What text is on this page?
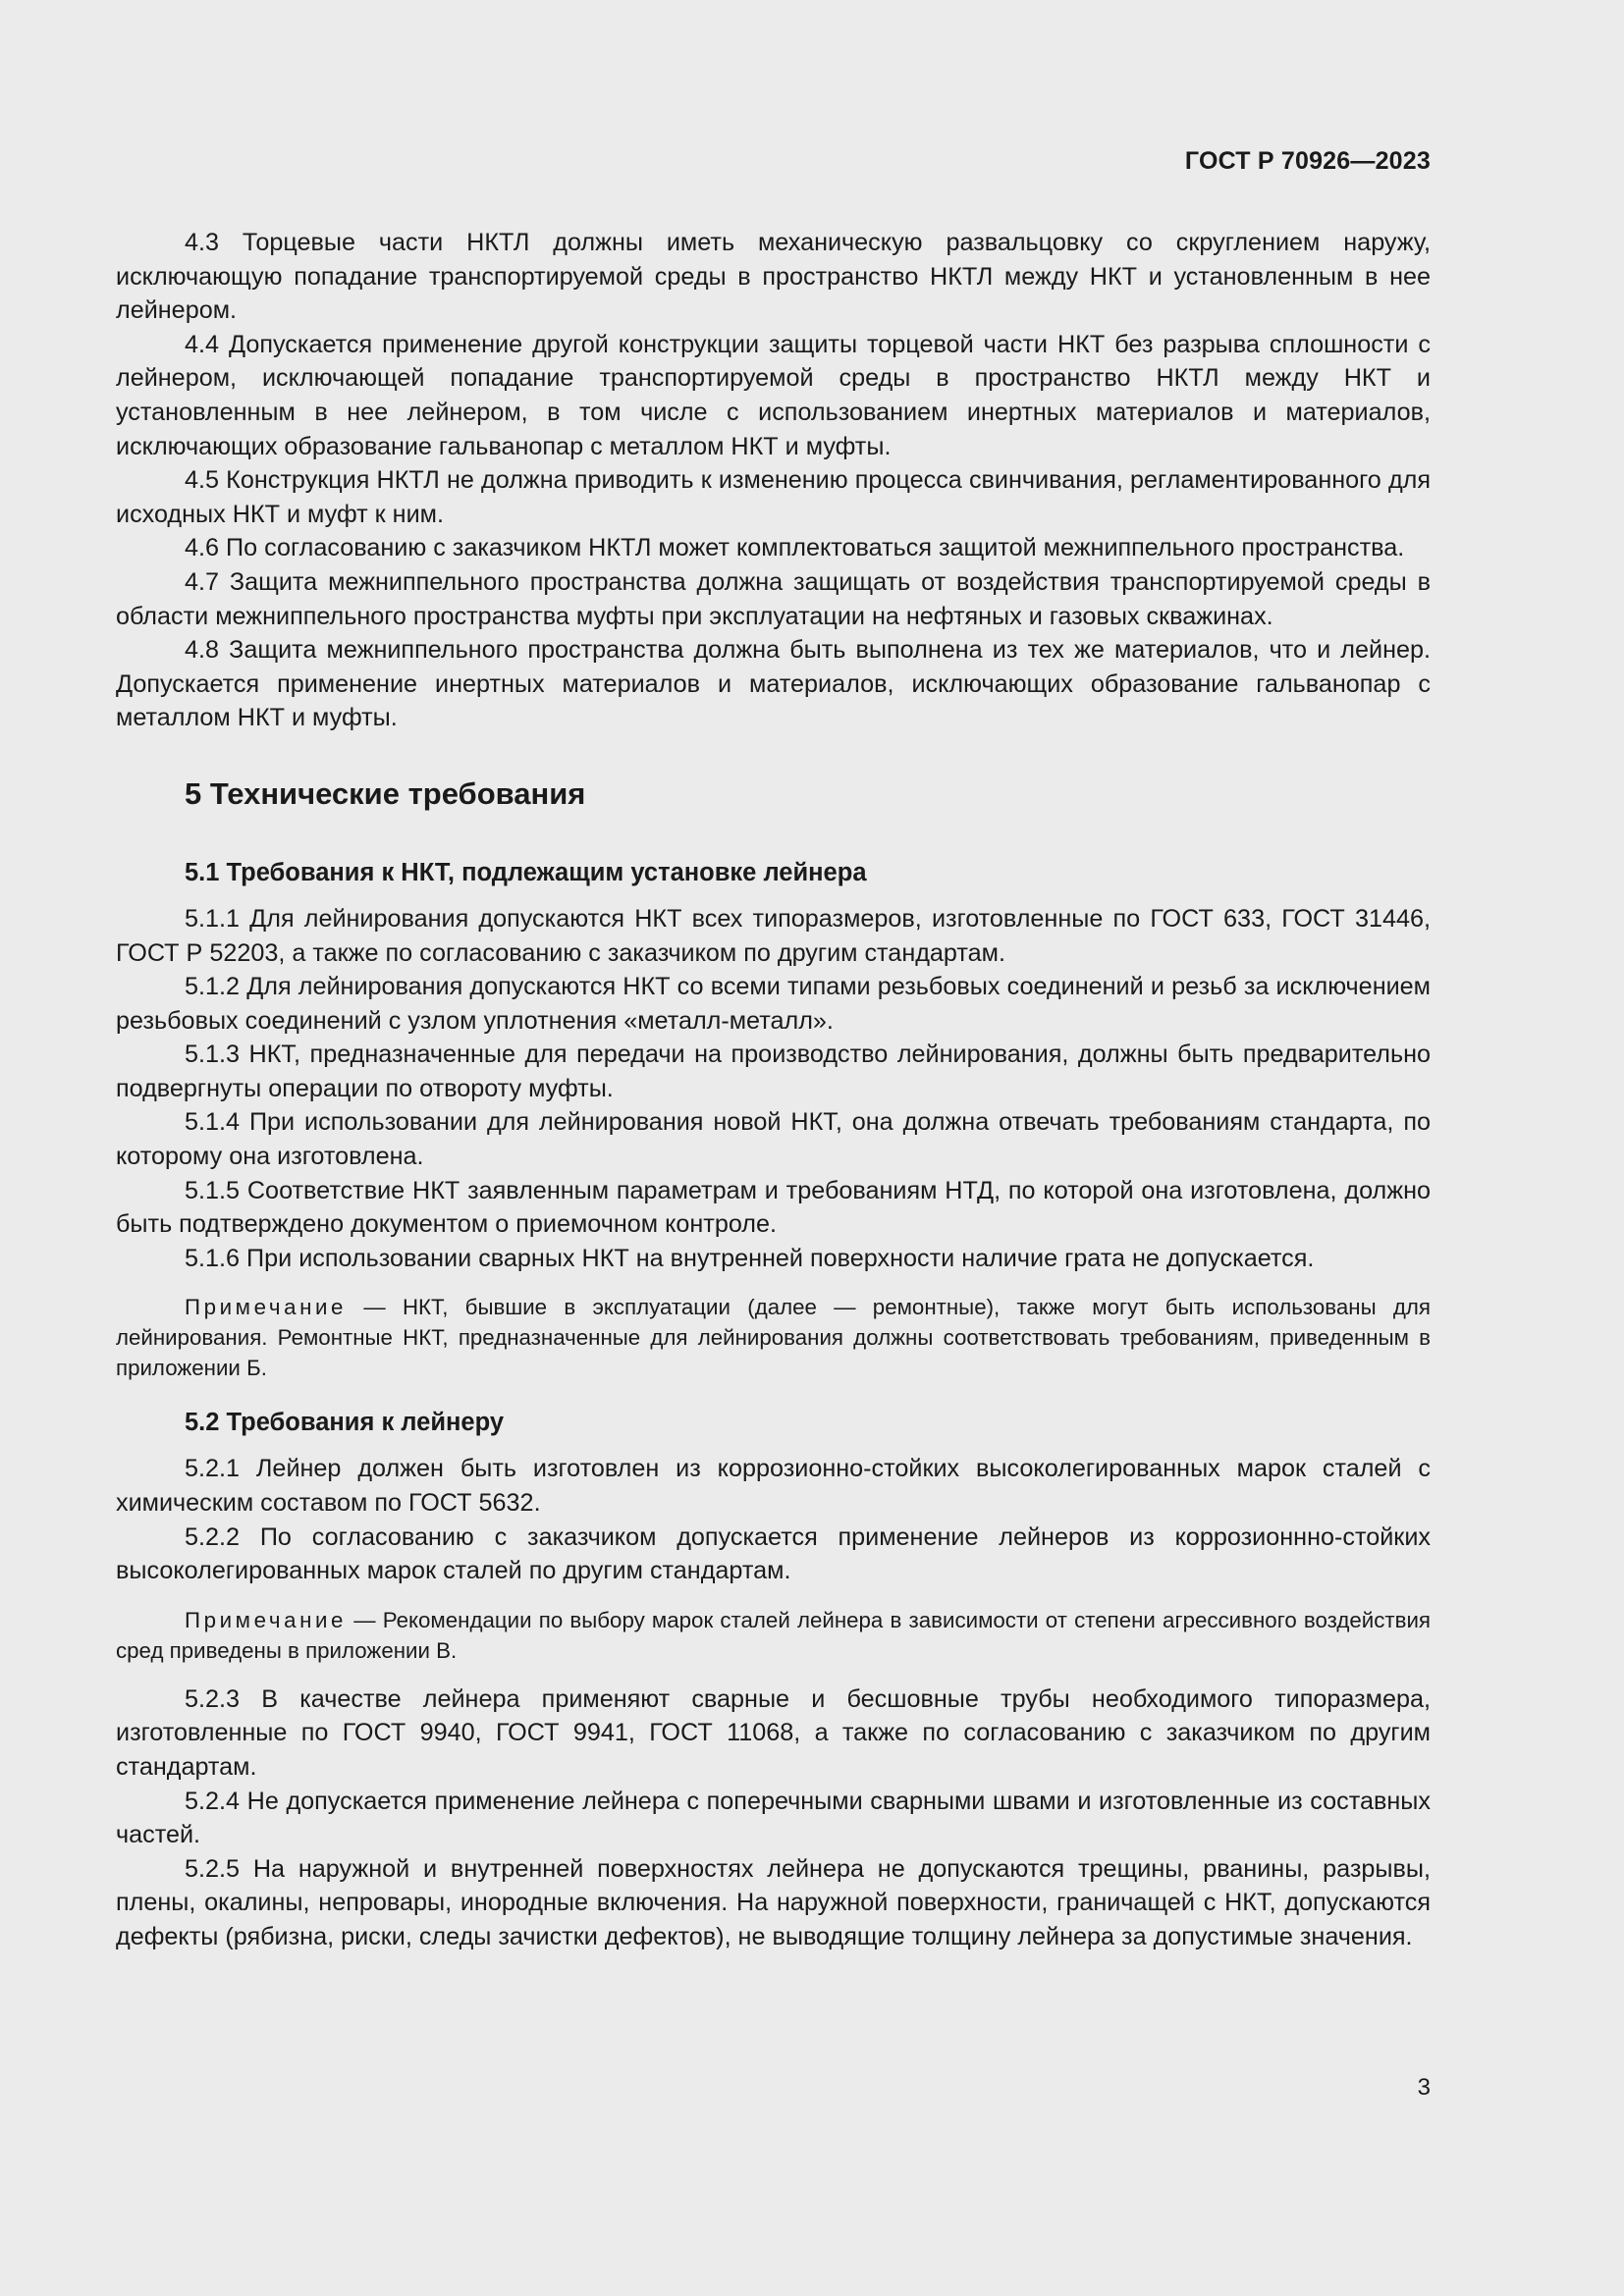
ГОСТ Р 70926—2023

4.3 Торцевые части НКТЛ должны иметь механическую развальцовку со скруглением наружу, исключающую попадание транспортируемой среды в пространство НКТЛ между НКТ и установленным в нее лейнером.

4.4 Допускается применение другой конструкции защиты торцевой части НКТ без разрыва сплошности с лейнером, исключающей попадание транспортируемой среды в пространство НКТЛ между НКТ и установленным в нее лейнером, в том числе с использованием инертных материалов и материалов, исключающих образование гальванопар с металлом НКТ и муфты.

4.5 Конструкция НКТЛ не должна приводить к изменению процесса свинчивания, регламентированного для исходных НКТ и муфт к ним.

4.6 По согласованию с заказчиком НКТЛ может комплектоваться защитой межниппельного пространства.

4.7 Защита межниппельного пространства должна защищать от воздействия транспортируемой среды в области межниппельного пространства муфты при эксплуатации на нефтяных и газовых скважинах.

4.8 Защита межниппельного пространства должна быть выполнена из тех же материалов, что и лейнер. Допускается применение инертных материалов и материалов, исключающих образование гальванопар с металлом НКТ и муфты.

5 Технические требования
5.1 Требования к НКТ, подлежащим установке лейнера

5.1.1 Для лейнирования допускаются НКТ всех типоразмеров, изготовленные по ГОСТ 633, ГОСТ 31446, ГОСТ Р 52203, а также по согласованию с заказчиком по другим стандартам.

5.1.2 Для лейнирования допускаются НКТ со всеми типами резьбовых соединений и резьб за исключением резьбовых соединений с узлом уплотнения «металл-металл».

5.1.3 НКТ, предназначенные для передачи на производство лейнирования, должны быть предварительно подвергнуты операции по отвороту муфты.

5.1.4 При использовании для лейнирования новой НКТ, она должна отвечать требованиям стандарта, по которому она изготовлена.

5.1.5 Соответствие НКТ заявленным параметрам и требованиям НТД, по которой она изготовлена, должно быть подтверждено документом о приемочном контроле.

5.1.6 При использовании сварных НКТ на внутренней поверхности наличие грата не допускается.

Примечание — НКТ, бывшие в эксплуатации (далее — ремонтные), также могут быть использованы для лейнирования. Ремонтные НКТ, предназначенные для лейнирования должны соответствовать требованиям, приведенным в приложении Б.

5.2 Требования к лейнеру

5.2.1 Лейнер должен быть изготовлен из коррозионно-стойких высоколегированных марок сталей с химическим составом по ГОСТ 5632.

5.2.2 По согласованию с заказчиком допускается применение лейнеров из коррозионнно-стойких высоколегированных марок сталей по другим стандартам.

Примечание — Рекомендации по выбору марок сталей лейнера в зависимости от степени агрессивного воздействия сред приведены в приложении В.

5.2.3 В качестве лейнера применяют сварные и бесшовные трубы необходимого типоразмера, изготовленные по ГОСТ 9940, ГОСТ 9941, ГОСТ 11068, а также по согласованию с заказчиком по другим стандартам.

5.2.4 Не допускается применение лейнера с поперечными сварными швами и изготовленные из составных частей.

5.2.5 На наружной и внутренней поверхностях лейнера не допускаются трещины, рванины, разрывы, плены, окалины, непровары, инородные включения. На наружной поверхности, граничащей с НКТ, допускаются дефекты (рябизна, риски, следы зачистки дефектов), не выводящие толщину лейнера за допустимые значения.

3
